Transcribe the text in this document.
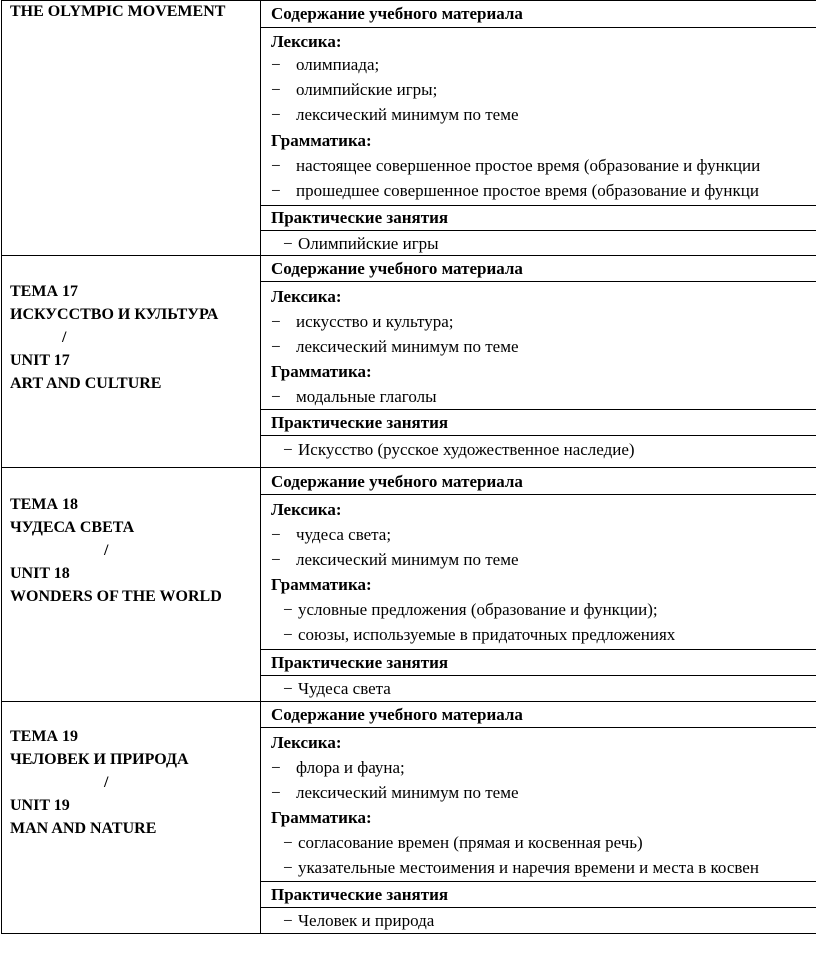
THE OLYMPIC MOVEMENT	Содержание учебного материала
Лексика:
− олимпиада;
− олимпийские игры;
− лексический минимум по теме
Грамматика:
− настоящее совершенное простое время (образование и функции
− прошедшее совершенное простое время (образование и функци
Практические занятия
− Олимпийские игры
ТЕМА 17
ИСКУССТВО И КУЛЬТУРА
/
UNIT 17
ART AND CULTURE
Содержание учебного материала
Лексика:
− искусство и культура;
− лексический минимум по теме
Грамматика:
− модальные глаголы
Практические занятия
− Искусство (русское художественное наследие)
ТЕМА 18
ЧУДЕСА СВЕТА
/
UNIT 18
WONDERS OF THE WORLD
Содержание учебного материала
Лексика:
− чудеса света;
− лексический минимум по теме
Грамматика:
− условные предложения (образование и функции);
− союзы, используемые в придаточных предложениях
Практические занятия
− Чудеса света
ТЕМА 19
ЧЕЛОВЕК И ПРИРОДА
/
UNIT 19
MAN AND NATURE
Содержание учебного материала
Лексика:
− флора и фауна;
− лексический минимум по теме
Грамматика:
− согласование времен (прямая и косвенная речь)
− указательные местоимения и наречия времени и места в косвен
Практические занятия
− Человек и природа
